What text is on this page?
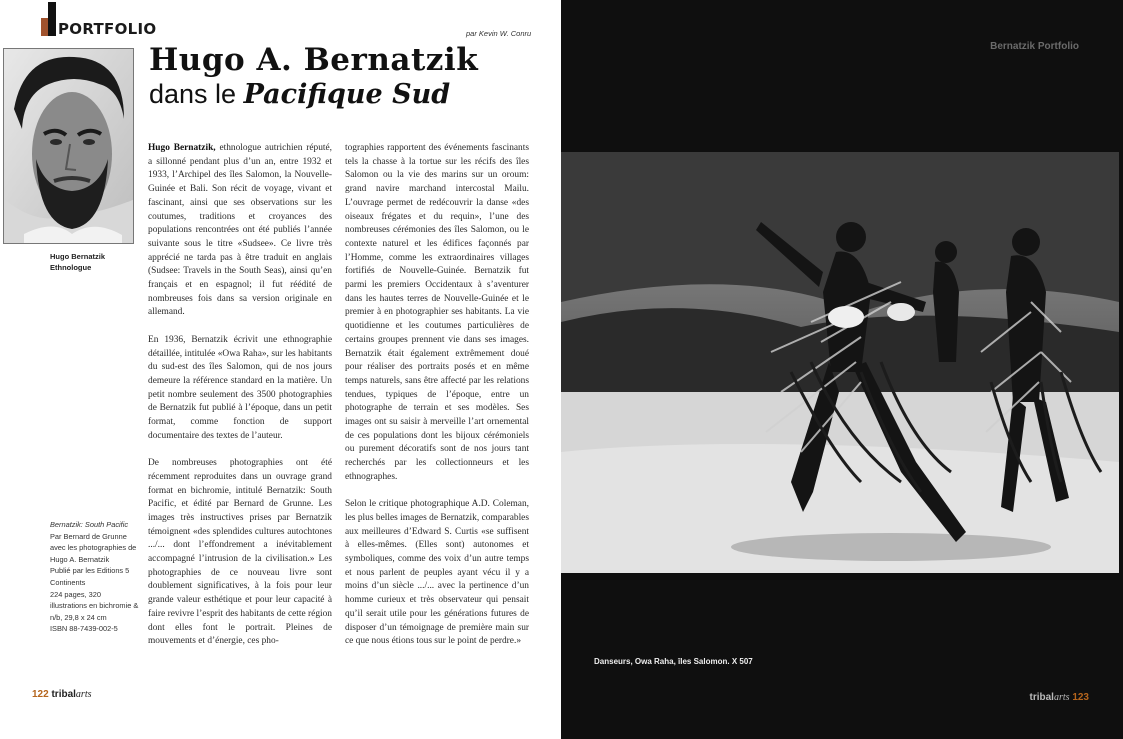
PORTFOLIO	par Kevin W. Conru
Hugo Bernatzik
Ethnologue
Hugo A. Bernatzik
dans le Pacifique Sud

Hugo Bernatzik, ethnologue autrichien réputé, a sillonné pendant plus d’un an, entre 1932 et 1933, l’Archipel des îles Salomon, la Nouvelle-Guinée et Bali. Son récit de voyage, vivant et fascinant, ainsi que ses observations sur les coutumes, traditions et croyances des populations rencontrées ont été publiés l’année suivante sous le titre «Sudsee». Ce livre très apprécié ne tarda pas à être traduit en anglais (Sudsee: Travels in the South Seas), ainsi qu’en français et en espagnol; il fut réédité de nombreuses fois dans sa version originale en allemand.

En 1936, Bernatzik écrivit une ethnographie détaillée, intitulée «Owa Raha», sur les habitants du sud-est des îles Salomon, qui de nos jours demeure la référence standard en la matière. Un petit nombre seulement des 3500 photographies de Bernatzik fut publié à l’époque, dans un petit format, comme fonction de support documentaire des textes de l’auteur.

De nombreuses photographies ont été récemment reproduites dans un ouvrage grand format en bichromie, intitulé Bernatzik: South Pacific, et édité par Bernard de Grunne. Les images très instructives prises par Bernatzik témoignent «des splendides cultures autochtones .../... dont l’effondrement a inévitablement accompagné l’intrusion de la civilisation.» Les photographies de ce nouveau livre sont doublement significatives, à la fois pour leur grande valeur esthétique et pour leur capacité à faire revivre l’esprit des habitants de cette région dont elles font le portrait. Pleines de mouvements et d’énergie, ces pho-

tographies rapportent des événements fascinants tels la chasse à la tortue sur les récifs des îles Salomon ou la vie des marins sur un oroum: grand navire marchand intercostal Mailu. L’ouvrage permet de redécouvrir la danse «des oiseaux frégates et du requin», l’une des nombreuses cérémonies des îles Salomon, ou le contexte naturel et les édifices façonnés par l’Homme, comme les extraordinaires villages fortifiés de Nouvelle-Guinée. Bernatzik fut parmi les premiers Occidentaux à s’aventurer dans les hautes terres de Nouvelle-Guinée et le premier à en photographier ses habitants. La vie quotidienne et les coutumes particulières de certains groupes prennent vie dans ses images. Bernatzik était également extrêmement doué pour réaliser des portraits posés et en même temps naturels, sans être affecté par les relations tendues, typiques de l’époque, entre un photographe de terrain et ses modèles. Ses images ont su saisir à merveille l’art ornemental de ces populations dont les bijoux cérémoniels ou purement décoratifs sont de nos jours tant recherchés par les collectionneurs et les ethnographes.

Selon le critique photographique A.D. Coleman, les plus belles images de Bernatzik, comparables aux meilleures d’Edward S. Curtis «se suffisent à elles-mêmes. (Elles sont) autonomes et symboliques, comme des voix d’un autre temps et nous parlent de peuples ayant vécu il y a moins d’un siècle .../... avec la pertinence d’un homme curieux et très observateur qui pensait qu’il serait utile pour les générations futures de disposer d’un témoignage de première main sur ce que nous étions tous sur le point de perdre.»

Bernatzik: South Pacific
Par Bernard de Grunne
avec les photographies de
Hugo A. Bernatzik
Publié par les Editions 5
Continents
224 pages, 320
illustrations en bichromie &
n/b, 29,8 x 24 cm
ISBN 88-7439-002-5
122 tribalarts
Bernatzik Portfolio
Danseurs, Owa Raha, îles Salomon. X 507
tribalarts 123
